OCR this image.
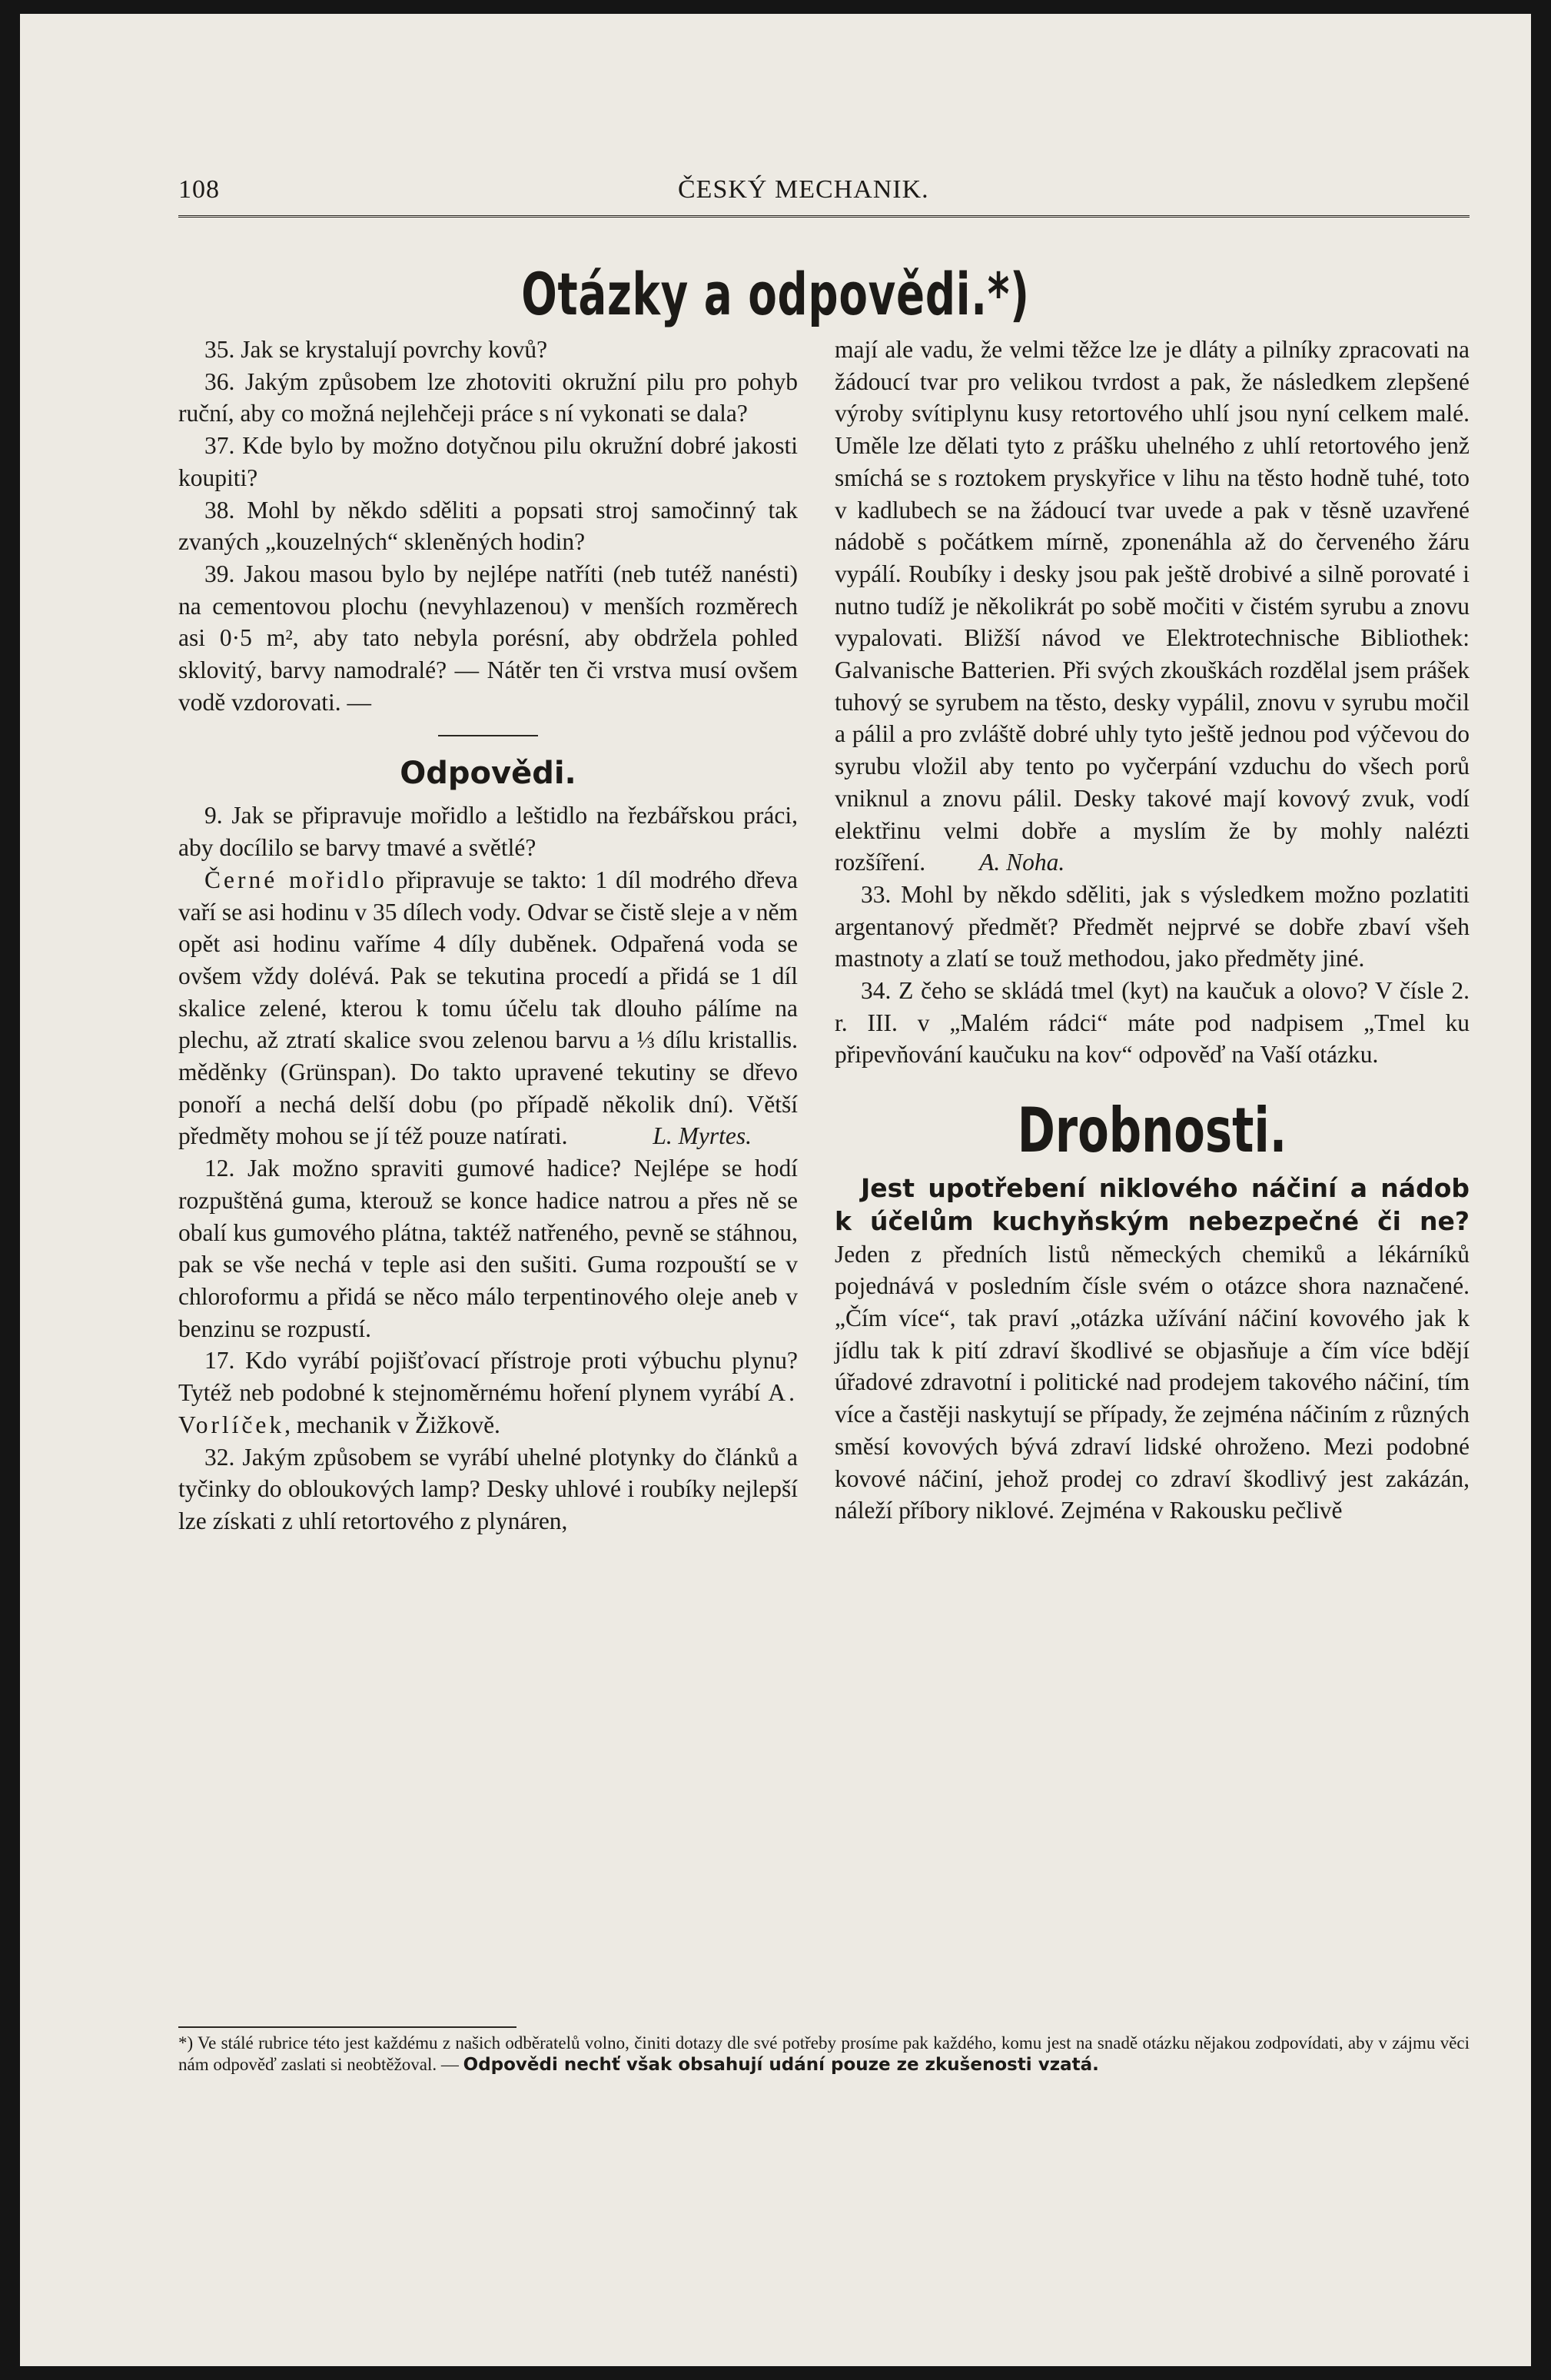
108	ČESKÝ MECHANIK.
Otázky a odpovědi.*)

35. Jak se krystalují povrchy kovů?

36. Jakým způsobem lze zhotoviti okružní pilu pro pohyb ruční, aby co možná nejlehčeji práce s ní vykonati se dala?

37. Kde bylo by možno dotyčnou pilu okružní dobré jakosti koupiti?

38. Mohl by někdo sděliti a popsati stroj samočinný tak zvaných „kouzelných“ skleněných hodin?

39. Jakou masou bylo by nejlépe natříti (neb tutéž nanésti) na cementovou plochu (nevyhlazenou) v menších rozměrech asi 0·5 m², aby tato nebyla porésní, aby obdržela pohled sklovitý, barvy namodralé? — Nátěr ten či vrstva musí ovšem vodě vzdorovati. —

Odpovědi.

9. Jak se připravuje mořidlo a leštidlo na řezbářskou práci, aby docílilo se barvy tmavé a světlé?

Černé mořidlo připravuje se takto: 1 díl modrého dřeva vaří se asi hodinu v 35 dílech vody. Odvar se čistě sleje a v něm opět asi hodinu vaříme 4 díly duběnek. Odpařená voda se ovšem vždy dolévá. Pak se tekutina procedí a přidá se 1 díl skalice zelené, kterou k tomu účelu tak dlouho pálíme na plechu, až ztratí skalice svou zelenou barvu a ⅓ dílu kristallis. měděnky (Grünspan). Do takto upravené tekutiny se dřevo ponoří a nechá delší dobu (po případě několik dní). Větší předměty mohou se jí též pouze natírati.	L. Myrtes.

12. Jak možno spraviti gumové hadice? Nejlépe se hodí rozpuštěná guma, kterouž se konce hadice natrou a přes ně se obalí kus gumového plátna, taktéž natřeného, pevně se stáhnou, pak se vše nechá v teple asi den sušiti. Guma rozpouští se v chloroformu a přidá se něco málo terpentinového oleje aneb v benzinu se rozpustí.

17. Kdo vyrábí pojišťovací přístroje proti výbuchu plynu? Tytéž neb podobné k stejnoměrnému hoření plynem vyrábí A. Vorlíček, mechanik v Žižkově.

32. Jakým způsobem se vyrábí uhelné plotynky do článků a tyčinky do obloukových lamp? Desky uhlové i roubíky nejlepší lze získati z uhlí retortového z plynáren,

mají ale vadu, že velmi těžce lze je dláty a pilníky zpracovati na žádoucí tvar pro velikou tvrdost a pak, že následkem zlepšené výroby svítiplynu kusy retortového uhlí jsou nyní celkem malé. Uměle lze dělati tyto z prášku uhelného z uhlí retortového jenž smíchá se s roztokem pryskyřice v lihu na těsto hodně tuhé, toto v kadlubech se na žádoucí tvar uvede a pak v těsně uzavřené nádobě s počátkem mírně, zponenáhla až do červeného žáru vypálí. Roubíky i desky jsou pak ještě drobivé a silně porovaté i nutno tudíž je několikrát po sobě močiti v čistém syrubu a znovu vypalovati. Bližší návod ve Elektrotechnische Bibliothek: Galvanische Batterien. Při svých zkouškách rozdělal jsem prášek tuhový se syrubem na těsto, desky vypálil, znovu v syrubu močil a pálil a pro zvláště dobré uhly tyto ještě jednou pod výčevou do syrubu vložil aby tento po vyčerpání vzduchu do všech porů vniknul a znovu pálil. Desky takové mají kovový zvuk, vodí elektřinu velmi dobře a myslím že by mohly nalézti rozšíření. A. Noha.

33. Mohl by někdo sděliti, jak s výsledkem možno pozlatiti argentanový předmět? Předmět nejprvé se dobře zbaví všeh mastnoty a zlatí se touž methodou, jako předměty jiné.

34. Z čeho se skládá tmel (kyt) na kaučuk a olovo? V čísle 2. r. III. v „Malém rádci“ máte pod nadpisem „Tmel ku připevňování kaučuku na kov“ odpověď na Vaší otázku.

Drobnosti.

Jest upotřebení niklového náčiní a nádob k účelům kuchyňským nebezpečné či ne? Jeden z předních listů německých chemiků a lékárníků pojednává v posledním čísle svém o otázce shora naznačené. „Čím více“, tak praví „otázka užívání náčiní kovového jak k jídlu tak k pití zdraví škodlivé se objasňuje a čím více bdějí úřadové zdravotní i politické nad prodejem takového náčiní, tím více a častěji naskytují se případy, že zejména náčiním z různých směsí kovových bývá zdraví lidské ohroženo. Mezi podobné kovové náčiní, jehož prodej co zdraví škodlivý jest zakázán, náleží příbory niklové. Zejména v Rakousku pečlivě

*) Ve stálé rubrice této jest každému z našich odběratelů volno, činiti dotazy dle své potřeby prosíme pak každého, komu jest na snadě otázku nějakou zodpovídati, aby v zájmu věci nám odpověď zaslati si neobtěžoval. — Odpovědi nechť však obsahují udání pouze ze zkušenosti vzatá.
